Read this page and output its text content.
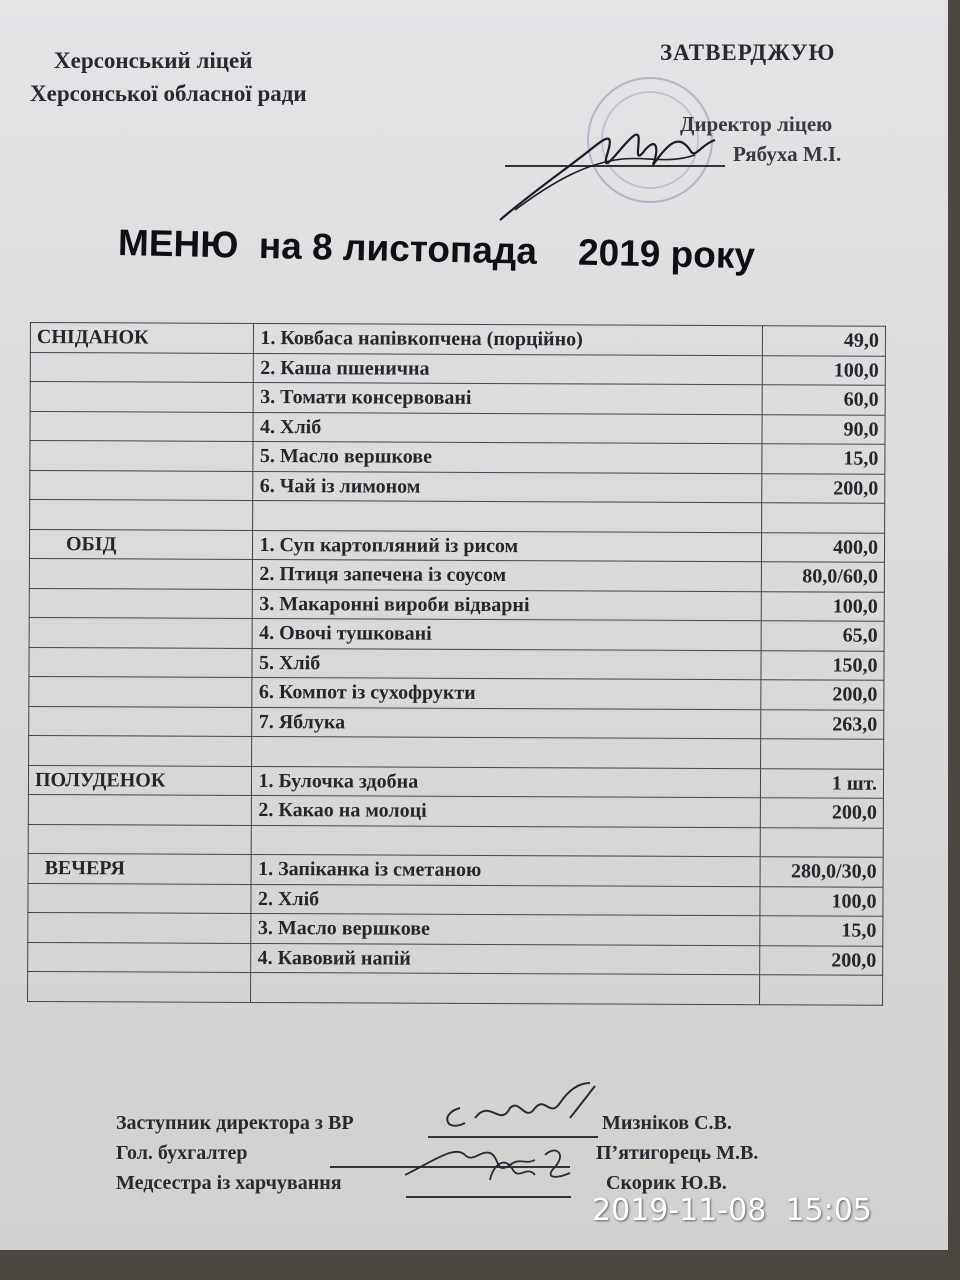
Херсонський ліцей
Херсонської обласної ради
ЗАТВЕРДЖУЮ
Директор ліцею
Рябуха М.І.
МЕНЮ  на 8 листопада    2019 року
СНІДАНОК	1. Ковбаса напівкопчена (порційно)	49,0
	2. Каша пшенична	100,0
	3. Томати консервовані	60,0
	4. Хліб	90,0
	5. Масло вершкове	15,0
	6. Чай із лимоном	200,0

ОБІД	1. Суп картопляний із рисом	400,0
	2. Птиця запечена із соусом	80,0/60,0
	3. Макаронні вироби відварні	100,0
	4. Овочі тушковані	65,0
	5. Хліб	150,0
	6. Компот із сухофрукти	200,0
	7. Яблука	263,0

ПОЛУДЕНОК	1. Булочка здобна	1 шт.
	2. Какао на молоці	200,0

ВЕЧЕРЯ	1. Запіканка із сметаною	280,0/30,0
	2. Хліб	100,0
	3. Масло вершкове	15,0
	4. Кавовий напій	200,0

Заступник директора з ВР	Мизніков С.В.
Гол. бухгалтер	П’ятигорець М.В.
Медсестра із харчування	Скорик Ю.В.
2019-11-08  15:05
